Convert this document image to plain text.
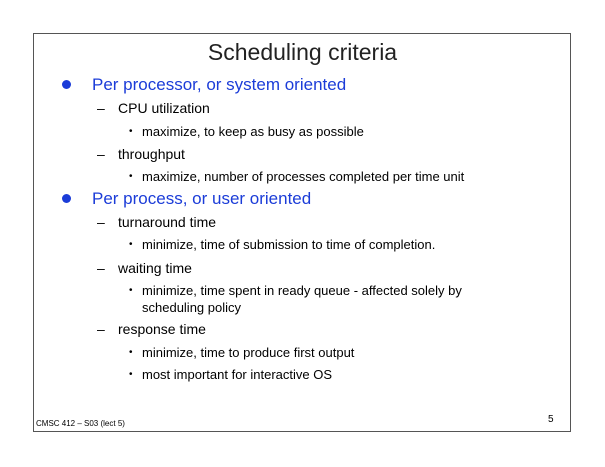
Scheduling criteria
Per processor, or system oriented
– CPU utilization
• maximize, to keep as busy as possible
– throughput
• maximize, number of processes completed per time unit
Per process, or user oriented
– turnaround time
• minimize, time of submission to time of completion.
– waiting time
• minimize, time spent in ready queue - affected solely by
scheduling policy
– response time
• minimize, time to produce first output
• most important for interactive OS
CMSC 412 – S03 (lect 5)	5
